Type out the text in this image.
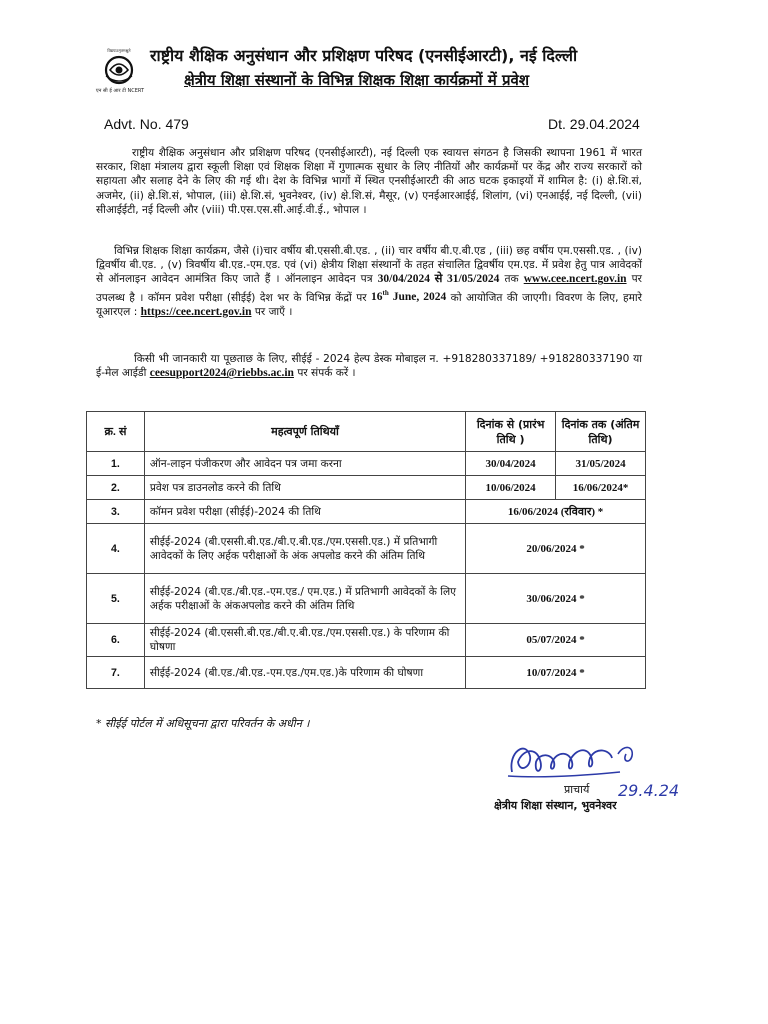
विद्ययाऽमृतमश्नुते
एन सी ई आर टी NCERT
राष्ट्रीय शैक्षिक अनुसंधान और प्रशिक्षण परिषद (एनसीईआरटी), नई दिल्ली
क्षेत्रीय शिक्षा संस्थानों के विभिन्न शिक्षक शिक्षा कार्यक्रमों में प्रवेश
Advt. No. 479	Dt. 29.04.2024

राष्ट्रीय शैक्षिक अनुसंधान और प्रशिक्षण परिषद (एनसीईआरटी), नई दिल्ली एक स्वायत्त संगठन है जिसकी स्थापना 1961 में भारत सरकार, शिक्षा मंत्रालय द्वारा स्कूली शिक्षा एवं शिक्षक शिक्षा में गुणात्मक सुधार के लिए नीतियों और कार्यक्रमों पर केंद्र और राज्य सरकारों को सहायता और सलाह देने के लिए की गई थी। देश के विभिन्न भागों में स्थित एनसीईआरटी की आठ घटक इकाइयों में शामिल है: (i) क्षे.शि.सं, अजमेर, (ii) क्षे.शि.सं, भोपाल, (iii) क्षे.शि.सं, भुवनेश्वर, (iv) क्षे.शि.सं, मैसूर, (v) एनईआरआईई, शिलांग, (vi) एनआईई, नई दिल्ली, (vii) सीआईईटी, नई दिल्ली और (viii) पी.एस.एस.सी.आई.वी.ई., भोपाल ।

विभिन्न शिक्षक शिक्षा कार्यक्रम, जैसे (i)चार वर्षीय बी.एससी.बी.एड. , (ii) चार वर्षीय बी.ए.बी.एड , (iii) छह वर्षीय एम.एससी.एड. , (iv) द्विवर्षीय बी.एड. , (v) त्रिवर्षीय बी.एड.-एम.एड. एवं (vi) क्षेत्रीय शिक्षा संस्थानों के तहत संचालित द्विवर्षीय एम.एड. में प्रवेश हेतु पात्र आवेदकों से ऑनलाइन आवेदन आमंत्रित किए जाते हैं । ऑनलाइन आवेदन पत्र 30/04/2024 से 31/05/2024 तक www.cee.ncert.gov.in पर उपलब्ध है । कॉमन प्रवेश परीक्षा (सीईई) देश भर के विभिन्न केंद्रों पर 16th June, 2024 को आयोजित की जाएगी। विवरण के लिए, हमारे यूआरएल : https://cee.ncert.gov.in पर जाएँ ।

किसी भी जानकारी या पूछताछ के लिए, सीईई - 2024 हेल्प डेस्क मोबाइल न. +918280337189/ +918280337190 या ई-मेल आईडी ceesupport2024@riebbs.ac.in पर संपर्क करें ।

क्र. सं	महत्वपूर्ण तिथियाँ	दिनांक से (प्रारंभ तिथि )	दिनांक तक (अंतिम तिथि)
1.	ऑन-लाइन पंजीकरण और आवेदन पत्र जमा करना	30/04/2024	31/05/2024
2.	प्रवेश पत्र डाउनलोड करने की तिथि	10/06/2024	16/06/2024*
3.	कॉमन प्रवेश परीक्षा (सीईई)-2024 की तिथि	16/06/2024 (रविवार) *	
4.	सीईई-2024 (बी.एससी.बी.एड./बी.ए.बी.एड./एम.एससी.एड.) में प्रतिभागी आवेदकों के लिए अर्हक परीक्षाओं के अंक अपलोड करने की अंतिम तिथि	20/06/2024 *	
5.	सीईई-2024 (बी.एड./बी.एड.-एम.एड./ एम.एड.) में प्रतिभागी आवेदकों के लिए अर्हक परीक्षाओं के अंकअपलोड करने की अंतिम तिथि	30/06/2024 *	
6.	सीईई-2024 (बी.एससी.बी.एड./बी.ए.बी.एड./एम.एससी.एड.) के परिणाम की घोषणा	05/07/2024 *	
7.	सीईई-2024 (बी.एड./बी.एड.-एम.एड./एम.एड.)के परिणाम की घोषणा	10/07/2024 *	
* सीईई पोर्टल में अधिसूचना द्वारा परिवर्तन के अधीन ।
29.4.24
प्राचार्य
क्षेत्रीय शिक्षा संस्थान, भुवनेश्वर
